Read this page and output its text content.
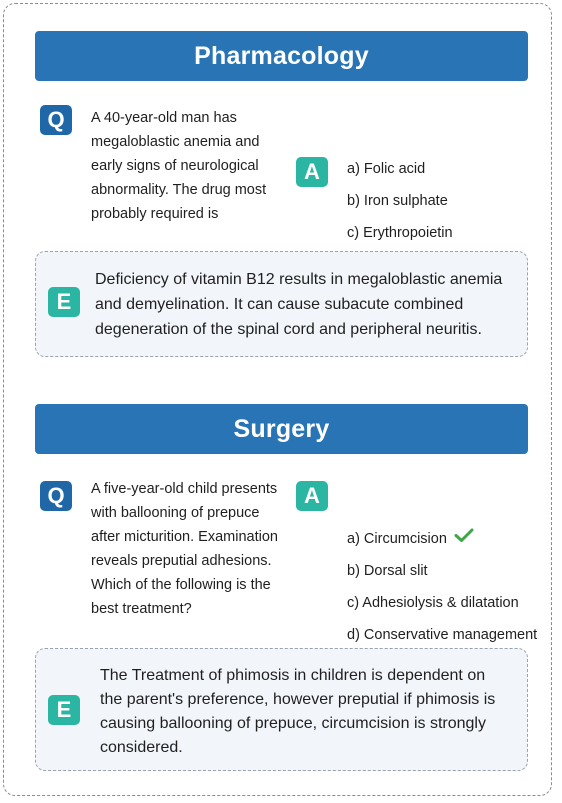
Pharmacology
Q	A 40-year-old man has
megaloblastic anemia and
early signs of neurological
abnormality. The drug most
probably required is
A	a) Folic acid
b) Iron sulphate
c) Erythropoietin
E
Deficiency of vitamin B12 results in megaloblastic anemia
and demyelination. It can cause subacute combined
degeneration of the spinal cord and peripheral neuritis.
Surgery
Q	A five-year-old child presents
with ballooning of prepuce
after micturition. Examination
reveals preputial adhesions.
Which of the following is the
best treatment?
A
a) Circumcision
b) Dorsal slit
c) Adhesiolysis & dilatation
d) Conservative management
E
The Treatment of phimosis in children is dependent on
the parent's preference, however preputial if phimosis is
causing ballooning of prepuce, circumcision is strongly
considered.
